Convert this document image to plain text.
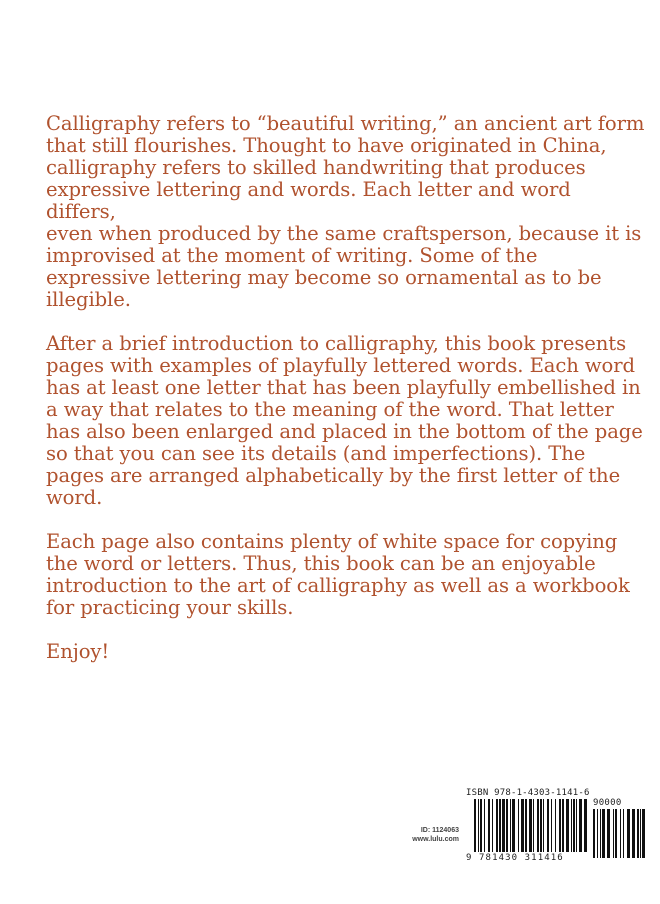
Calligraphy refers to “beautiful writing,” an ancient art form
that still flourishes. Thought to have originated in China,
calligraphy refers to skilled handwriting that produces
expressive lettering and words. Each letter and word differs,
even when produced by the same craftsperson, because it is
improvised at the moment of writing. Some of the
expressive lettering may become so ornamental as to be
illegible.

After a brief introduction to calligraphy, this book presents
pages with examples of playfully lettered words. Each word
has at least one letter that has been playfully embellished in
a way that relates to the meaning of the word. That letter
has also been enlarged and placed in the bottom of the page
so that you can see its details (and imperfections). The
pages are arranged alphabetically by the first letter of the
word.

Each page also contains plenty of white space for copying
the word or letters. Thus, this book can be an enjoyable
introduction to the art of calligraphy as well as a workbook
for practicing your skills.

Enjoy!

ID: 1124063
www.lulu.com
ISBN 978-1-4303-1141-6
90000
9 781430 311416
